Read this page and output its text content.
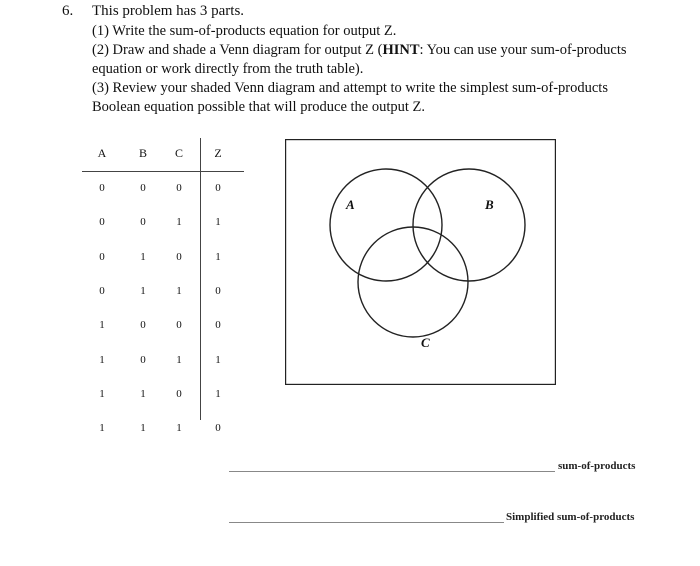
6. This problem has 3 parts.

(1) Write the sum-of-products equation for output Z.

(2) Draw and shade a Venn diagram for output Z (HINT: You can use your sum-of-products equation or work directly from the truth table).

(3) Review your shaded Venn diagram and attempt to write the simplest sum-of-products Boolean equation possible that will produce the output Z.

A	B	C	Z
0	0	0	0
0	0	1	1
0	1	0	1
0	1	1	0
1	0	0	0
1	0	1	1
1	1	0	1
1	1	1	0
A	B
C
sum-of-products
Simplified sum-of-products
